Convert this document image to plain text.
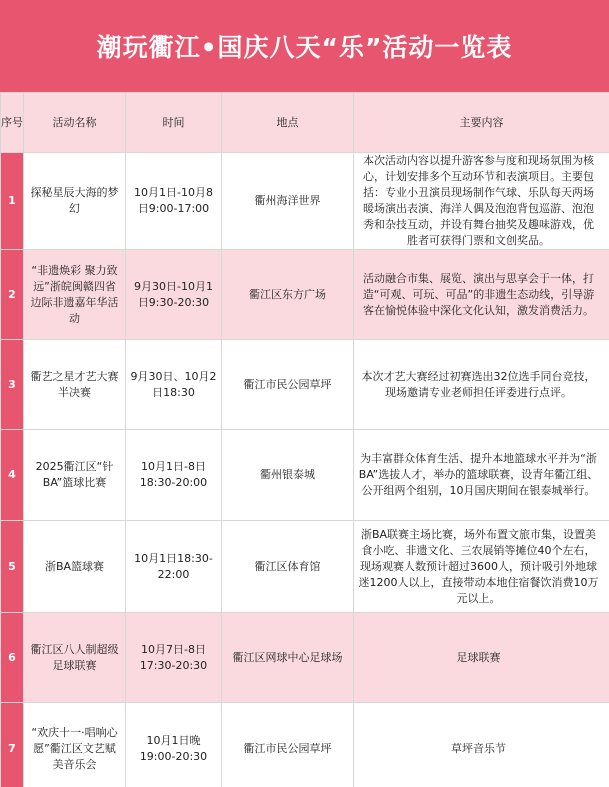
潮玩衢江•国庆八天“乐”活动一览表
序号	活动名称	时间	地点	主要内容
1	探秘星辰大海的梦幻	10月1日-10月8日9:00-17:00	衢州海洋世界	本次活动内容以提升游客参与度和现场氛围为核心，计划安排多个互动环节和表演项目。主要包括：专业小丑演员现场制作气球、乐队每天两场暖场演出表演、海洋人偶及泡泡背包巡游、泡泡秀和杂技互动，并设有舞台抽奖及趣味游戏，优胜者可获得门票和文创奖品。
2	“非遗焕彩 聚力致远”浙皖闽赣四省边际非遗嘉年华活动	9月30日-10月1日9:30-20:30	衢江区东方广场	活动融合市集、展览、演出与思享会于一体，打造“可观、可玩、可品”的非遗生态动线，引导游客在愉悦体验中深化文化认知，激发消费活力。
3	衢艺之星才艺大赛半决赛	9月30日、10月2日18:30	衢江市民公园草坪	本次才艺大赛经过初赛选出32位选手同台竞技，现场邀请专业老师担任评委进行点评。
4	2025衢江区“针BA”篮球比赛	10月1日-8日18:30-20:00	衢州银泰城	为丰富群众体育生活、提升本地篮球水平并为“浙BA”选拔人才，举办的篮球联赛，设青年衢江组、公开组两个组别，10月国庆期间在银泰城举行。
5	浙BA篮球赛	10月1日18:30-22:00	衢江区体育馆	浙BA联赛主场比赛，场外布置文旅市集，设置美食小吃、非遗文化、三农展销等摊位40个左右，现场观赛人数预计超过3600人，预计吸引外地球迷1200人以上，直接带动本地住宿餐饮消费10万元以上。
6	衢江区八人制超级足球联赛	10月7日-8日17:30-20:30	衢江区网球中心足球场	足球联赛
7	“欢庆十一·唱响心愿”衢江区文艺赋美音乐会	10月1日晚19:00-20:30	衢江市民公园草坪	草坪音乐节
